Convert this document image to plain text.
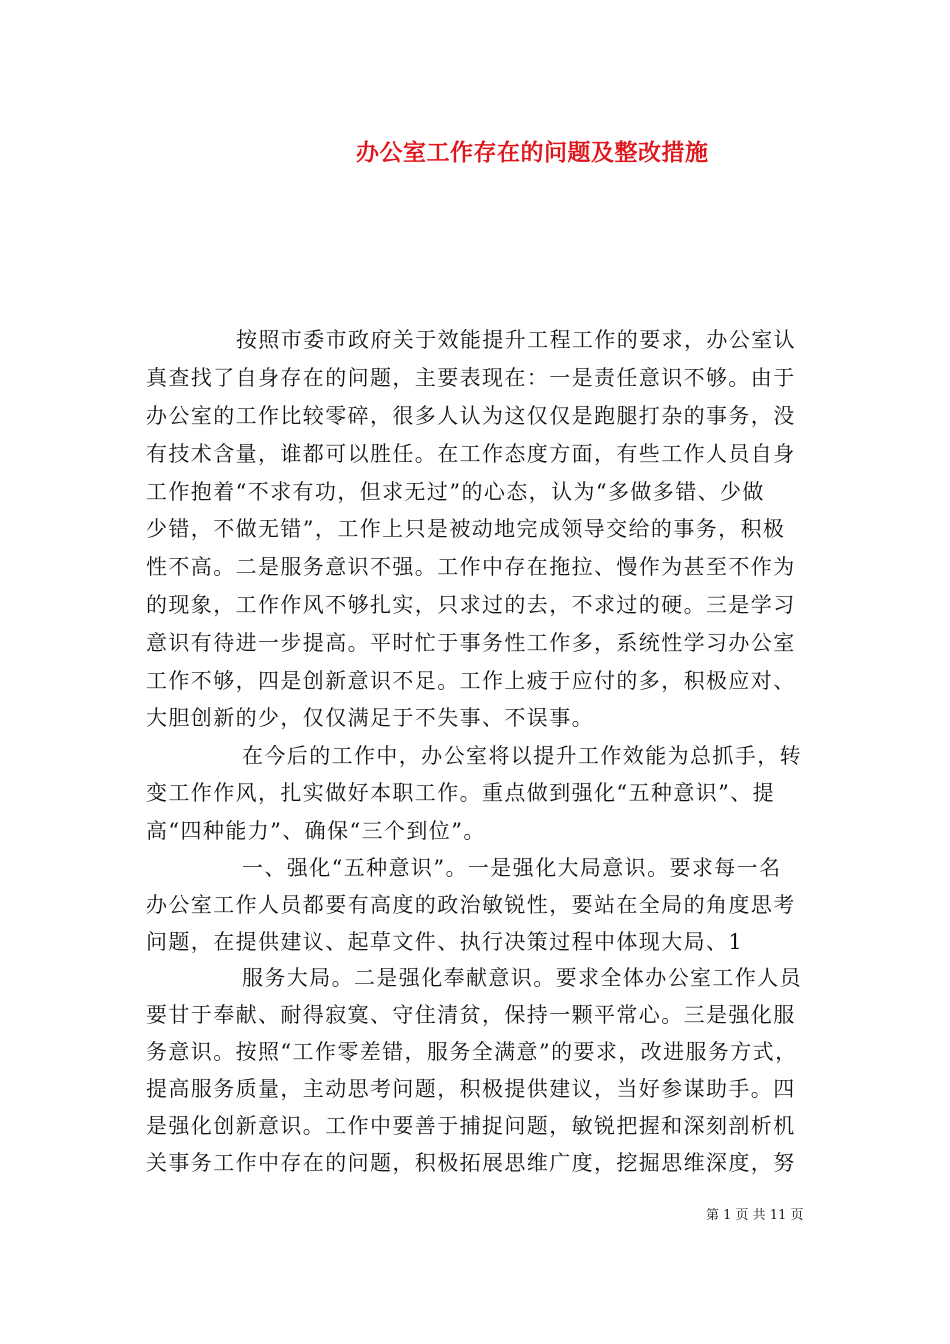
办公室工作存在的问题及整改措施
按照市委市政府关于效能提升工程工作的要求，办公室认
真查找了自身存在的问题，主要表现在：一是责任意识不够。由于
办公室的工作比较零碎，很多人认为这仅仅是跑腿打杂的事务，没
有技术含量，谁都可以胜任。在工作态度方面，有些工作人员自身
工作抱着“不求有功，但求无过”的心态，认为“多做多错、少做
少错，不做无错”，工作上只是被动地完成领导交给的事务，积极
性不高。二是服务意识不强。工作中存在拖拉、慢作为甚至不作为
的现象，工作作风不够扎实，只求过的去，不求过的硬。三是学习
意识有待进一步提高。平时忙于事务性工作多，系统性学习办公室
工作不够，四是创新意识不足。工作上疲于应付的多，积极应对、
大胆创新的少，仅仅满足于不失事、不误事。
在今后的工作中，办公室将以提升工作效能为总抓手，转
变工作作风，扎实做好本职工作。重点做到强化“五种意识”、提
高“四种能力”、确保“三个到位”。
一、强化“五种意识”。一是强化大局意识。要求每一名
办公室工作人员都要有高度的政治敏锐性，要站在全局的角度思考
问题，在提供建议、起草文件、执行决策过程中体现大局、1
服务大局。二是强化奉献意识。要求全体办公室工作人员
要甘于奉献、耐得寂寞、守住清贫，保持一颗平常心。三是强化服
务意识。按照“工作零差错，服务全满意”的要求，改进服务方式，
提高服务质量，主动思考问题，积极提供建议，当好参谋助手。四
是强化创新意识。工作中要善于捕捉问题，敏锐把握和深刻剖析机
关事务工作中存在的问题，积极拓展思维广度，挖掘思维深度，努
第 1 页 共 11 页
